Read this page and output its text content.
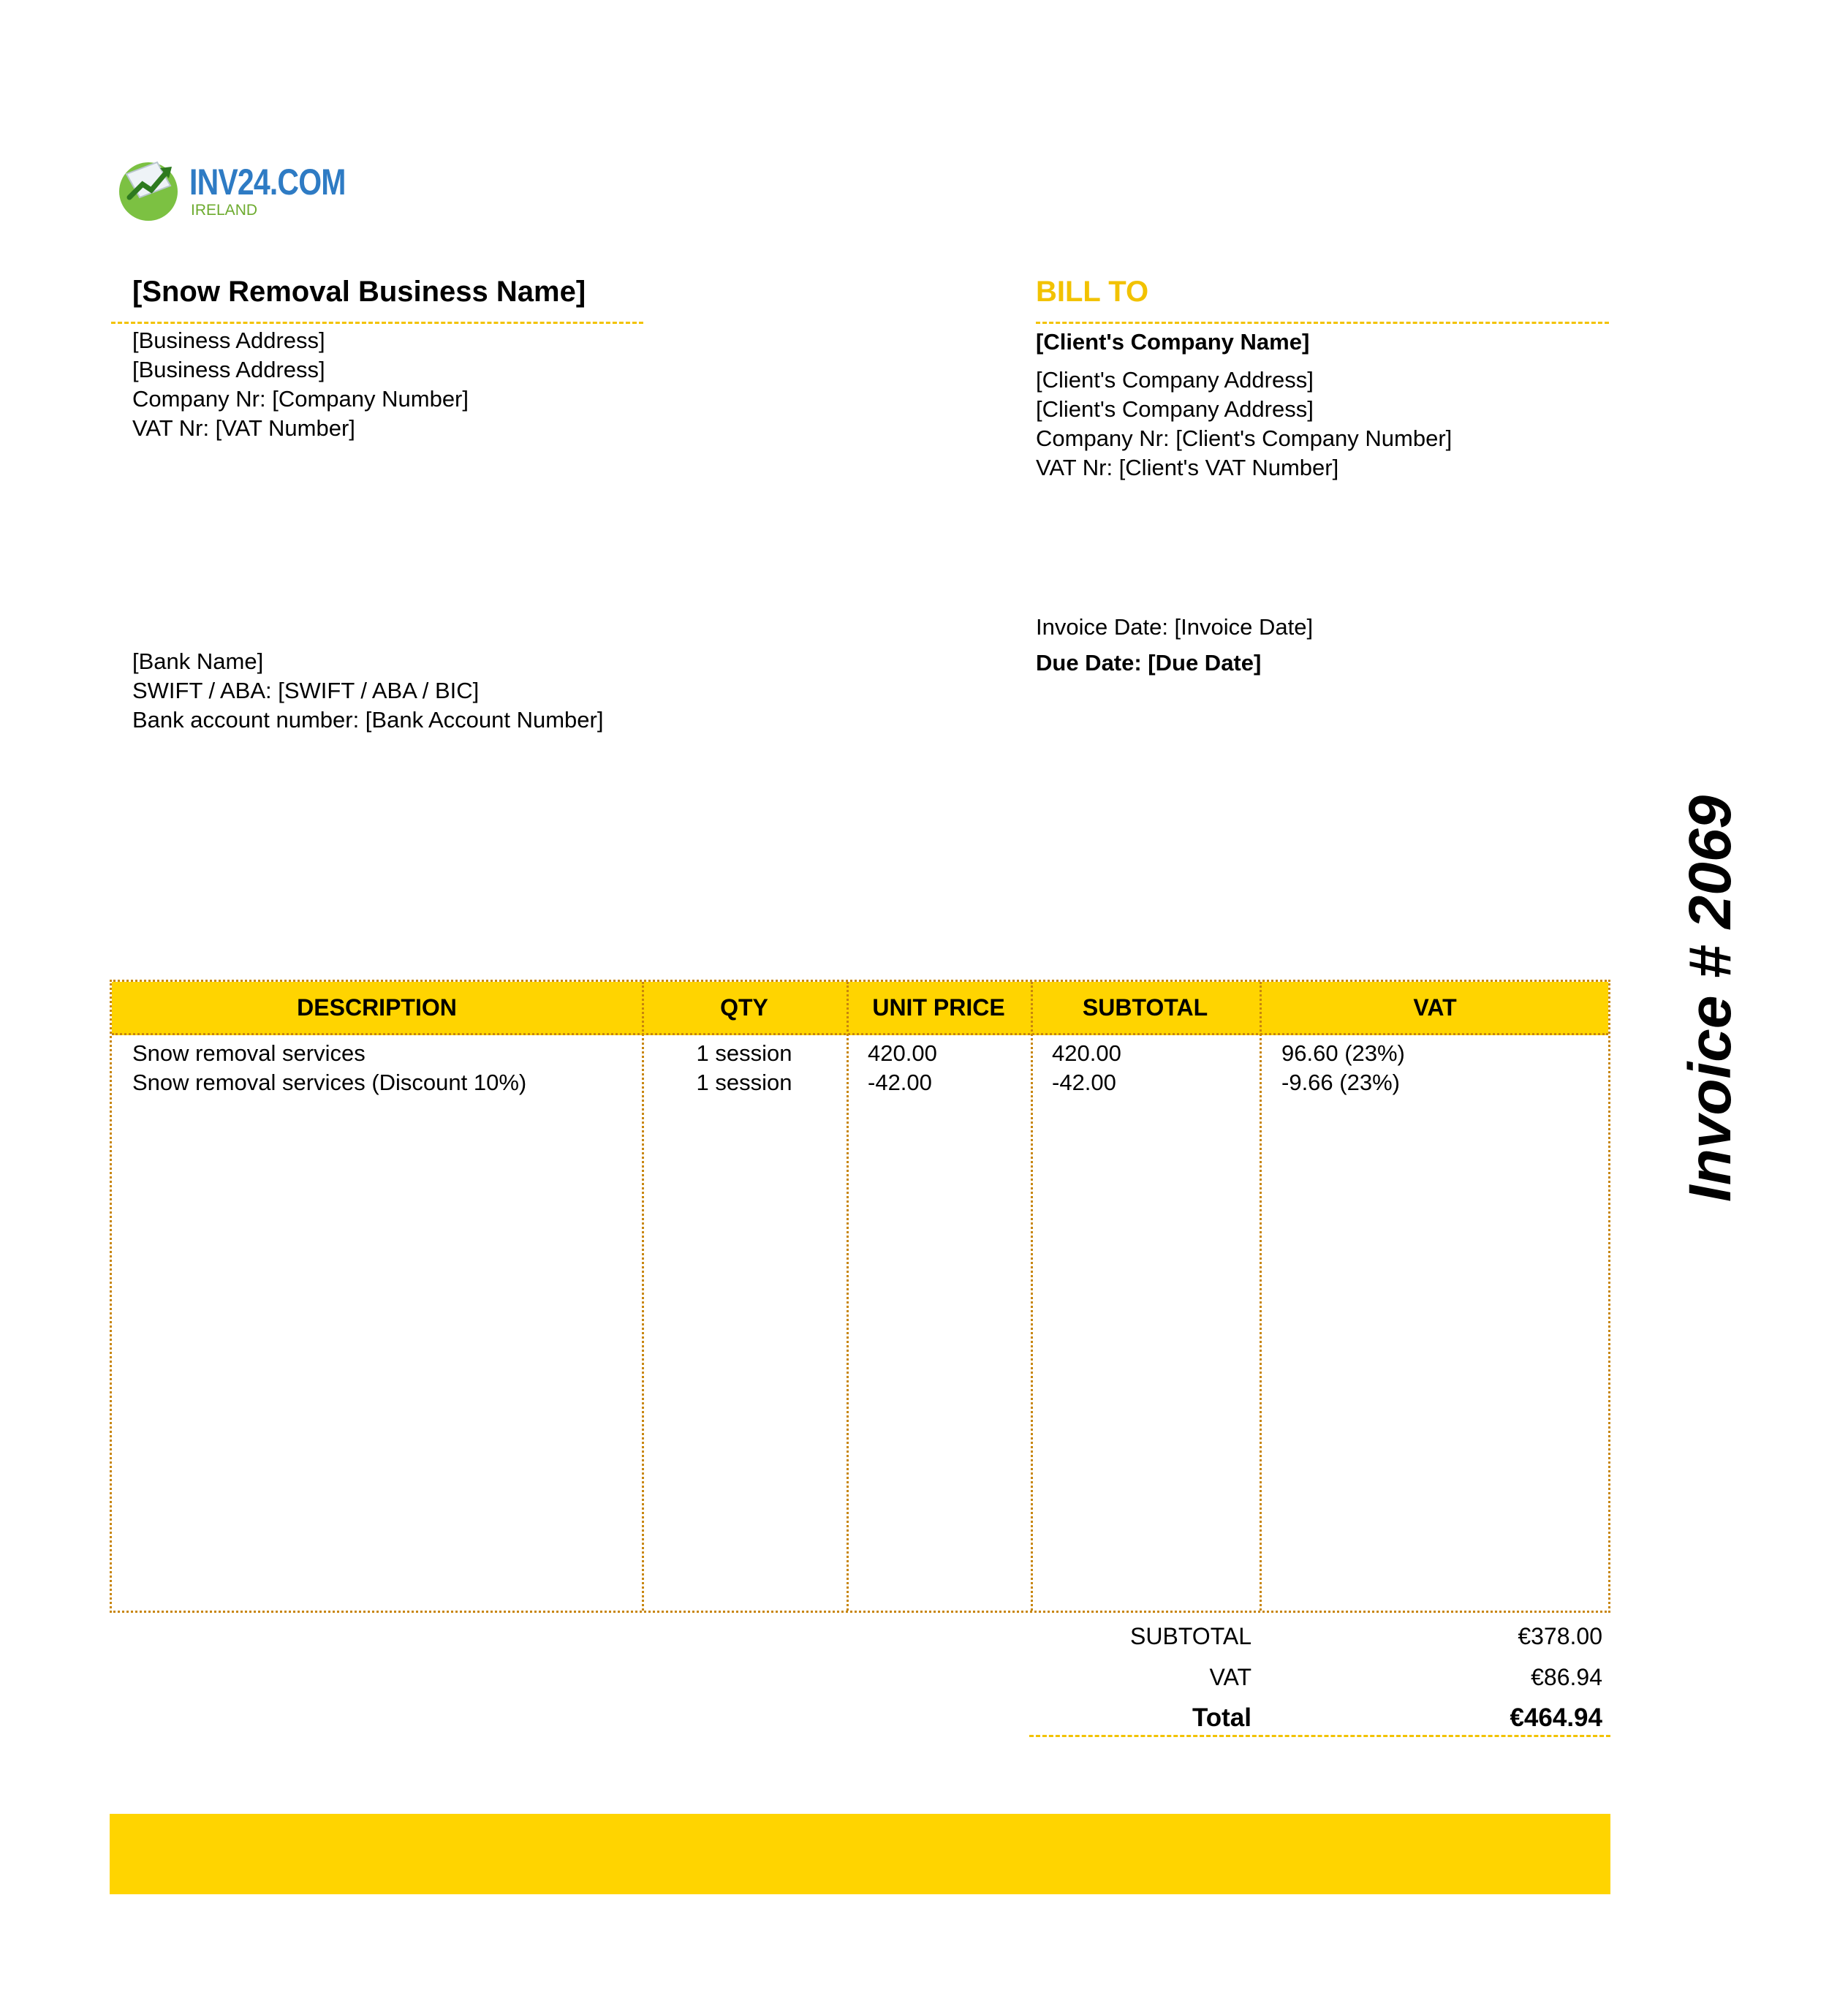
INV24.COM
IRELAND
[Snow Removal Business Name]
[Business Address]
[Business Address]
Company Nr: [Company Number]
VAT Nr: [VAT Number]
BILL TO
[Client's Company Name]
[Client's Company Address]
[Client's Company Address]
Company Nr: [Client's Company Number]
VAT Nr: [Client's VAT Number]
Invoice Date: [Invoice Date]
Due Date: [Due Date]
[Bank Name]
SWIFT / ABA: [SWIFT / ABA / BIC]
Bank account number: [Bank Account Number]
Invoice # 2069
DESCRIPTION	QTY	UNIT PRICE	SUBTOTAL	VAT
Snow removal services	1 session	420.00	420.00	96.60 (23%)
Snow removal services (Discount 10%)	1 session	-42.00	-42.00	-9.66 (23%)
SUBTOTAL	€378.00
VAT	€86.94
Total	€464.94
